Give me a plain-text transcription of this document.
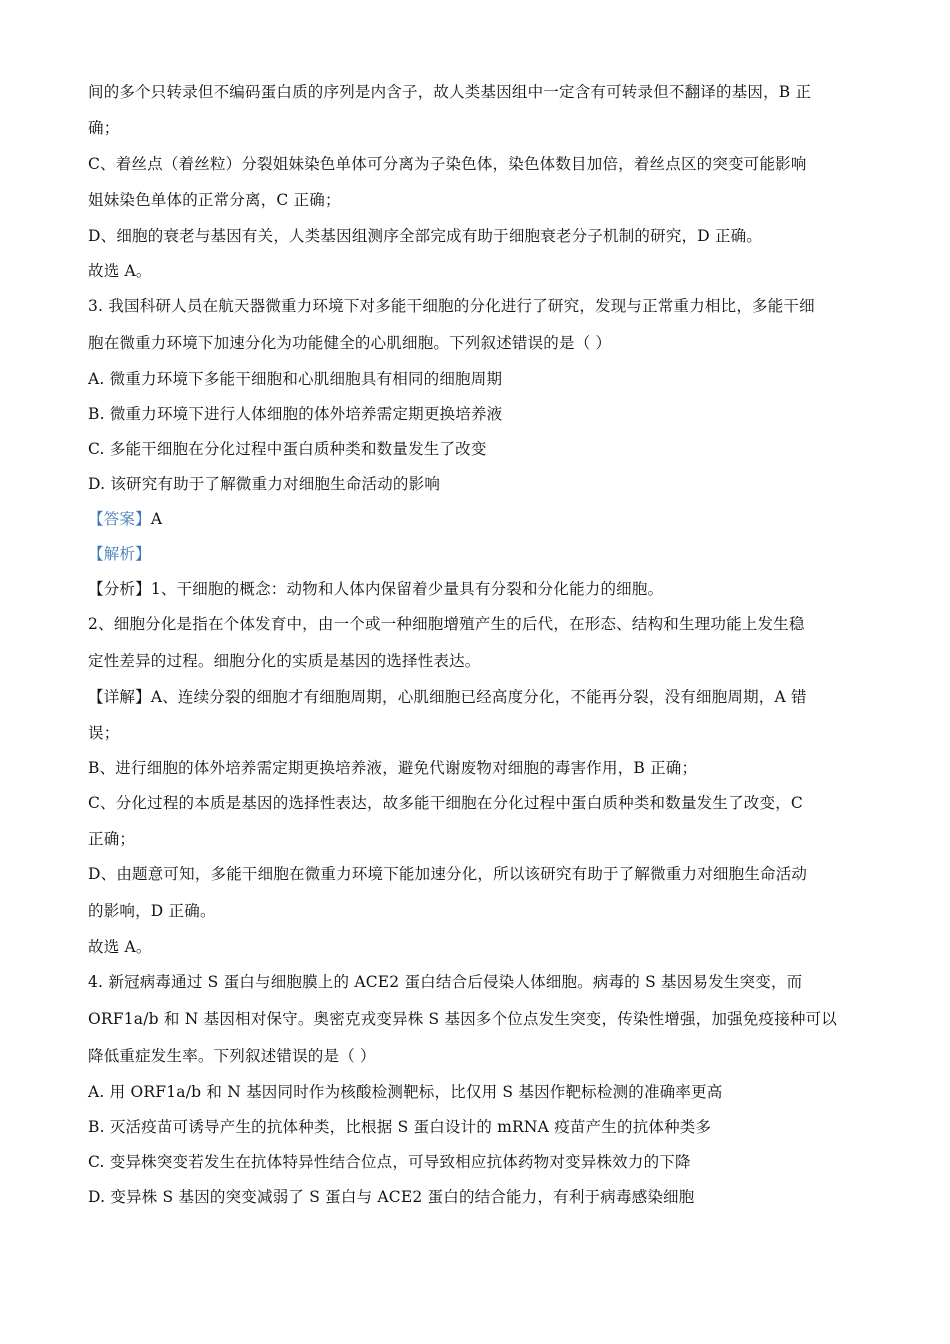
间的多个只转录但不编码蛋白质的序列是内含子，故人类基因组中一定含有可转录但不翻译的基因，B 正
确；
C、着丝点（着丝粒）分裂姐妹染色单体可分离为子染色体，染色体数目加倍，着丝点区的突变可能影响
姐妹染色单体的正常分离，C 正确；
D、细胞的衰老与基因有关，人类基因组测序全部完成有助于细胞衰老分子机制的研究，D 正确。
故选 A。
3. 我国科研人员在航天器微重力环境下对多能干细胞的分化进行了研究，发现与正常重力相比，多能干细
胞在微重力环境下加速分化为功能健全的心肌细胞。下列叙述错误的是（ ）
A. 微重力环境下多能干细胞和心肌细胞具有相同的细胞周期
B. 微重力环境下进行人体细胞的体外培养需定期更换培养液
C. 多能干细胞在分化过程中蛋白质种类和数量发生了改变
D. 该研究有助于了解微重力对细胞生命活动的影响
【答案】A
【解析】
【分析】1、干细胞的概念：动物和人体内保留着少量具有分裂和分化能力的细胞。
2、细胞分化是指在个体发育中，由一个或一种细胞增殖产生的后代，在形态、结构和生理功能上发生稳
定性差异的过程。细胞分化的实质是基因的选择性表达。
【详解】A、连续分裂的细胞才有细胞周期，心肌细胞已经高度分化，不能再分裂，没有细胞周期，A 错
误；
B、进行细胞的体外培养需定期更换培养液，避免代谢废物对细胞的毒害作用，B 正确；
C、分化过程的本质是基因的选择性表达，故多能干细胞在分化过程中蛋白质种类和数量发生了改变，C
正确；
D、由题意可知，多能干细胞在微重力环境下能加速分化，所以该研究有助于了解微重力对细胞生命活动
的影响，D 正确。
故选 A。
4. 新冠病毒通过 S 蛋白与细胞膜上的 ACE2 蛋白结合后侵染人体细胞。病毒的 S 基因易发生突变，而
ORF1a/b 和 N 基因相对保守。奥密克戎变异株 S 基因多个位点发生突变，传染性增强，加强免疫接种可以
降低重症发生率。下列叙述错误的是（ ）
A. 用 ORF1a/b 和 N 基因同时作为核酸检测靶标，比仅用 S 基因作靶标检测的准确率更高
B. 灭活疫苗可诱导产生的抗体种类，比根据 S 蛋白设计的 mRNA 疫苗产生的抗体种类多
C. 变异株突变若发生在抗体特异性结合位点，可导致相应抗体药物对变异株效力的下降
D. 变异株 S 基因的突变减弱了 S 蛋白与 ACE2 蛋白的结合能力，有利于病毒感染细胞
